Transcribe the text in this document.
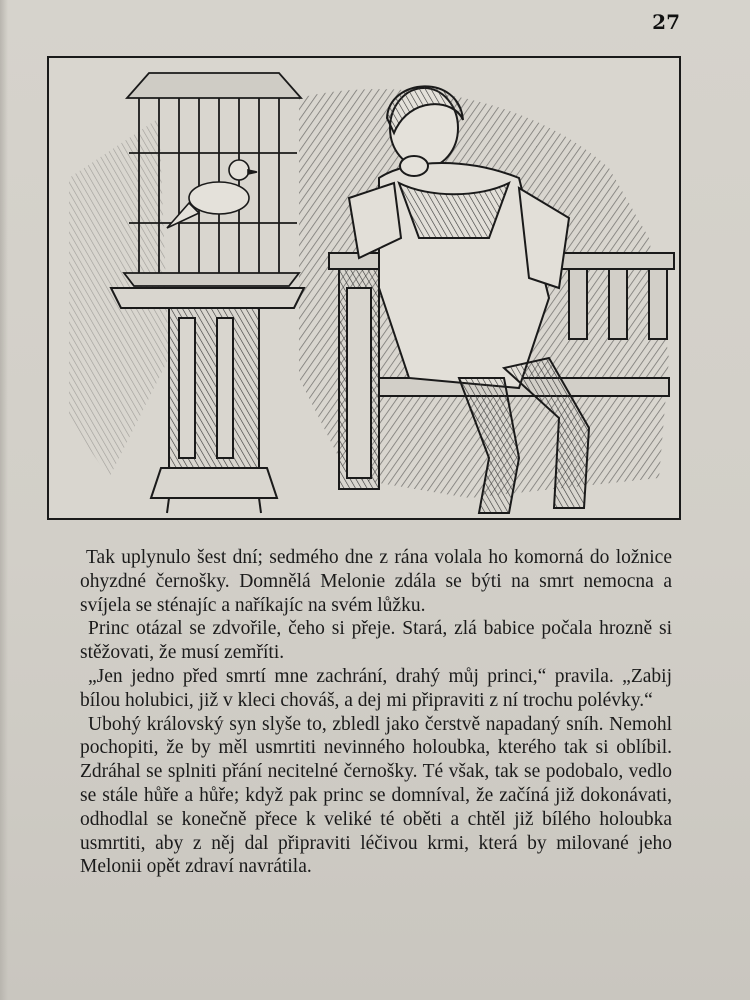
27

Tak uplynulo šest dní; sedmého dne z rána volala ho komorná do ložnice ohyzdné černošky. Domnělá Melonie zdála se býti na smrt nemocna a svíjela se sténajíc a naříkajíc na svém lůžku.

Princ otázal se zdvořile, čeho si přeje. Stará, zlá babice počala hrozně si stěžovati, že musí zemříti.

„Jen jedno před smrtí mne zachrání, drahý můj princi,“ pravila. „Zabij bílou holubici, již v kleci chováš, a dej mi připraviti z ní trochu polévky.“

Ubohý královský syn slyše to, zbledl jako čerstvě napadaný sníh. Nemohl pochopiti, že by měl usmrtiti nevinného holoubka, kterého tak si oblíbil. Zdráhal se splniti přání necitelné černošky. Té však, tak se podobalo, vedlo se stále hůře a hůře; když pak princ se domníval, že začíná již dokonávati, odhodlal se konečně přece k veliké té oběti a chtěl již bílého holoubka usmrtiti, aby z něj dal připraviti léčivou krmi, která by milované jeho Melonii opět zdraví navrátila.
